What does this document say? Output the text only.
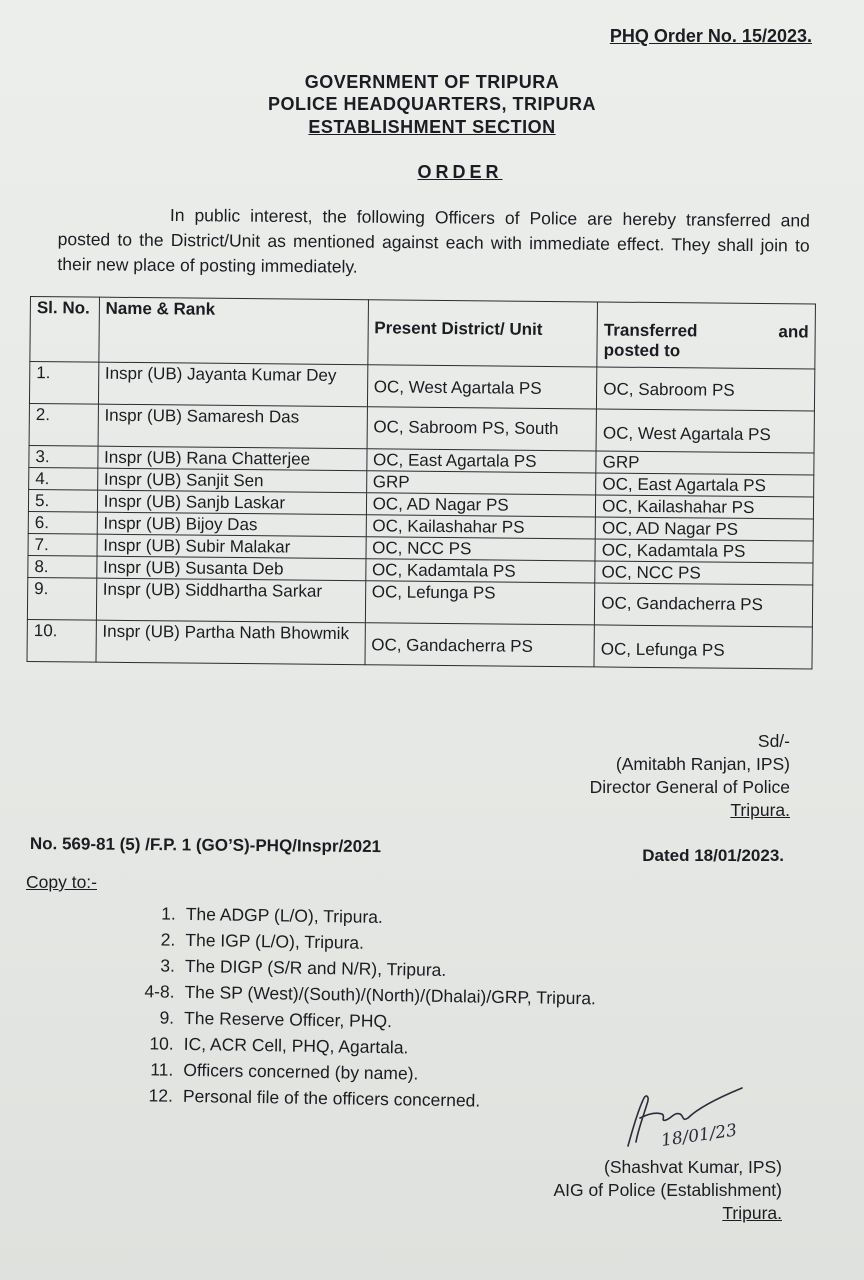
PHQ Order No. 15/2023.
GOVERNMENT OF TRIPURA
POLICE HEADQUARTERS, TRIPURA
ESTABLISHMENT SECTION
ORDER

In public interest, the following Officers of Police are hereby transferred and posted to the District/Unit as mentioned against each with immediate effect. They shall join to their new place of posting immediately.

Sl. No.	Name & Rank	Present District/ Unit	Transferred and
posted to

1.	Inspr (UB) Jayanta Kumar Dey	OC, West Agartala PS	OC, Sabroom PS
2.	Inspr (UB) Samaresh Das	OC, Sabroom PS, South	OC, West Agartala PS
3.	Inspr (UB) Rana Chatterjee	OC, East Agartala PS	GRP
4.	Inspr (UB) Sanjit Sen	GRP	OC, East Agartala PS
5.	Inspr (UB) Sanjb Laskar	OC, AD Nagar PS	OC, Kailashahar PS
6.	Inspr (UB) Bijoy Das	OC, Kailashahar PS	OC, AD Nagar PS
7.	Inspr (UB) Subir Malakar	OC, NCC PS	OC, Kadamtala PS
8.	Inspr (UB) Susanta Deb	OC, Kadamtala PS	OC, NCC PS
9.	Inspr (UB) Siddhartha Sarkar	OC, Lefunga PS	OC, Gandacherra PS
10.	Inspr (UB) Partha Nath Bhowmik	OC, Gandacherra PS	OC, Lefunga PS
Sd/-
(Amitabh Ranjan, IPS)
Director General of Police
Tripura.
No. 569-81 (5) /F.P. 1 (GO’S)-PHQ/Inspr/2021	Dated 18/01/2023.
Copy to:-
1. The ADGP (L/O), Tripura.
2. The IGP (L/O), Tripura.
3. The DIGP (S/R and N/R), Tripura.
4-8. The SP (West)/(South)/(North)/(Dhalai)/GRP, Tripura.
9. The Reserve Officer, PHQ.
10. IC, ACR Cell, PHQ, Agartala.
11. Officers concerned (by name).
12. Personal file of the officers concerned.
18/01/23
(Shashvat Kumar, IPS)
AIG of Police (Establishment)
Tripura.
